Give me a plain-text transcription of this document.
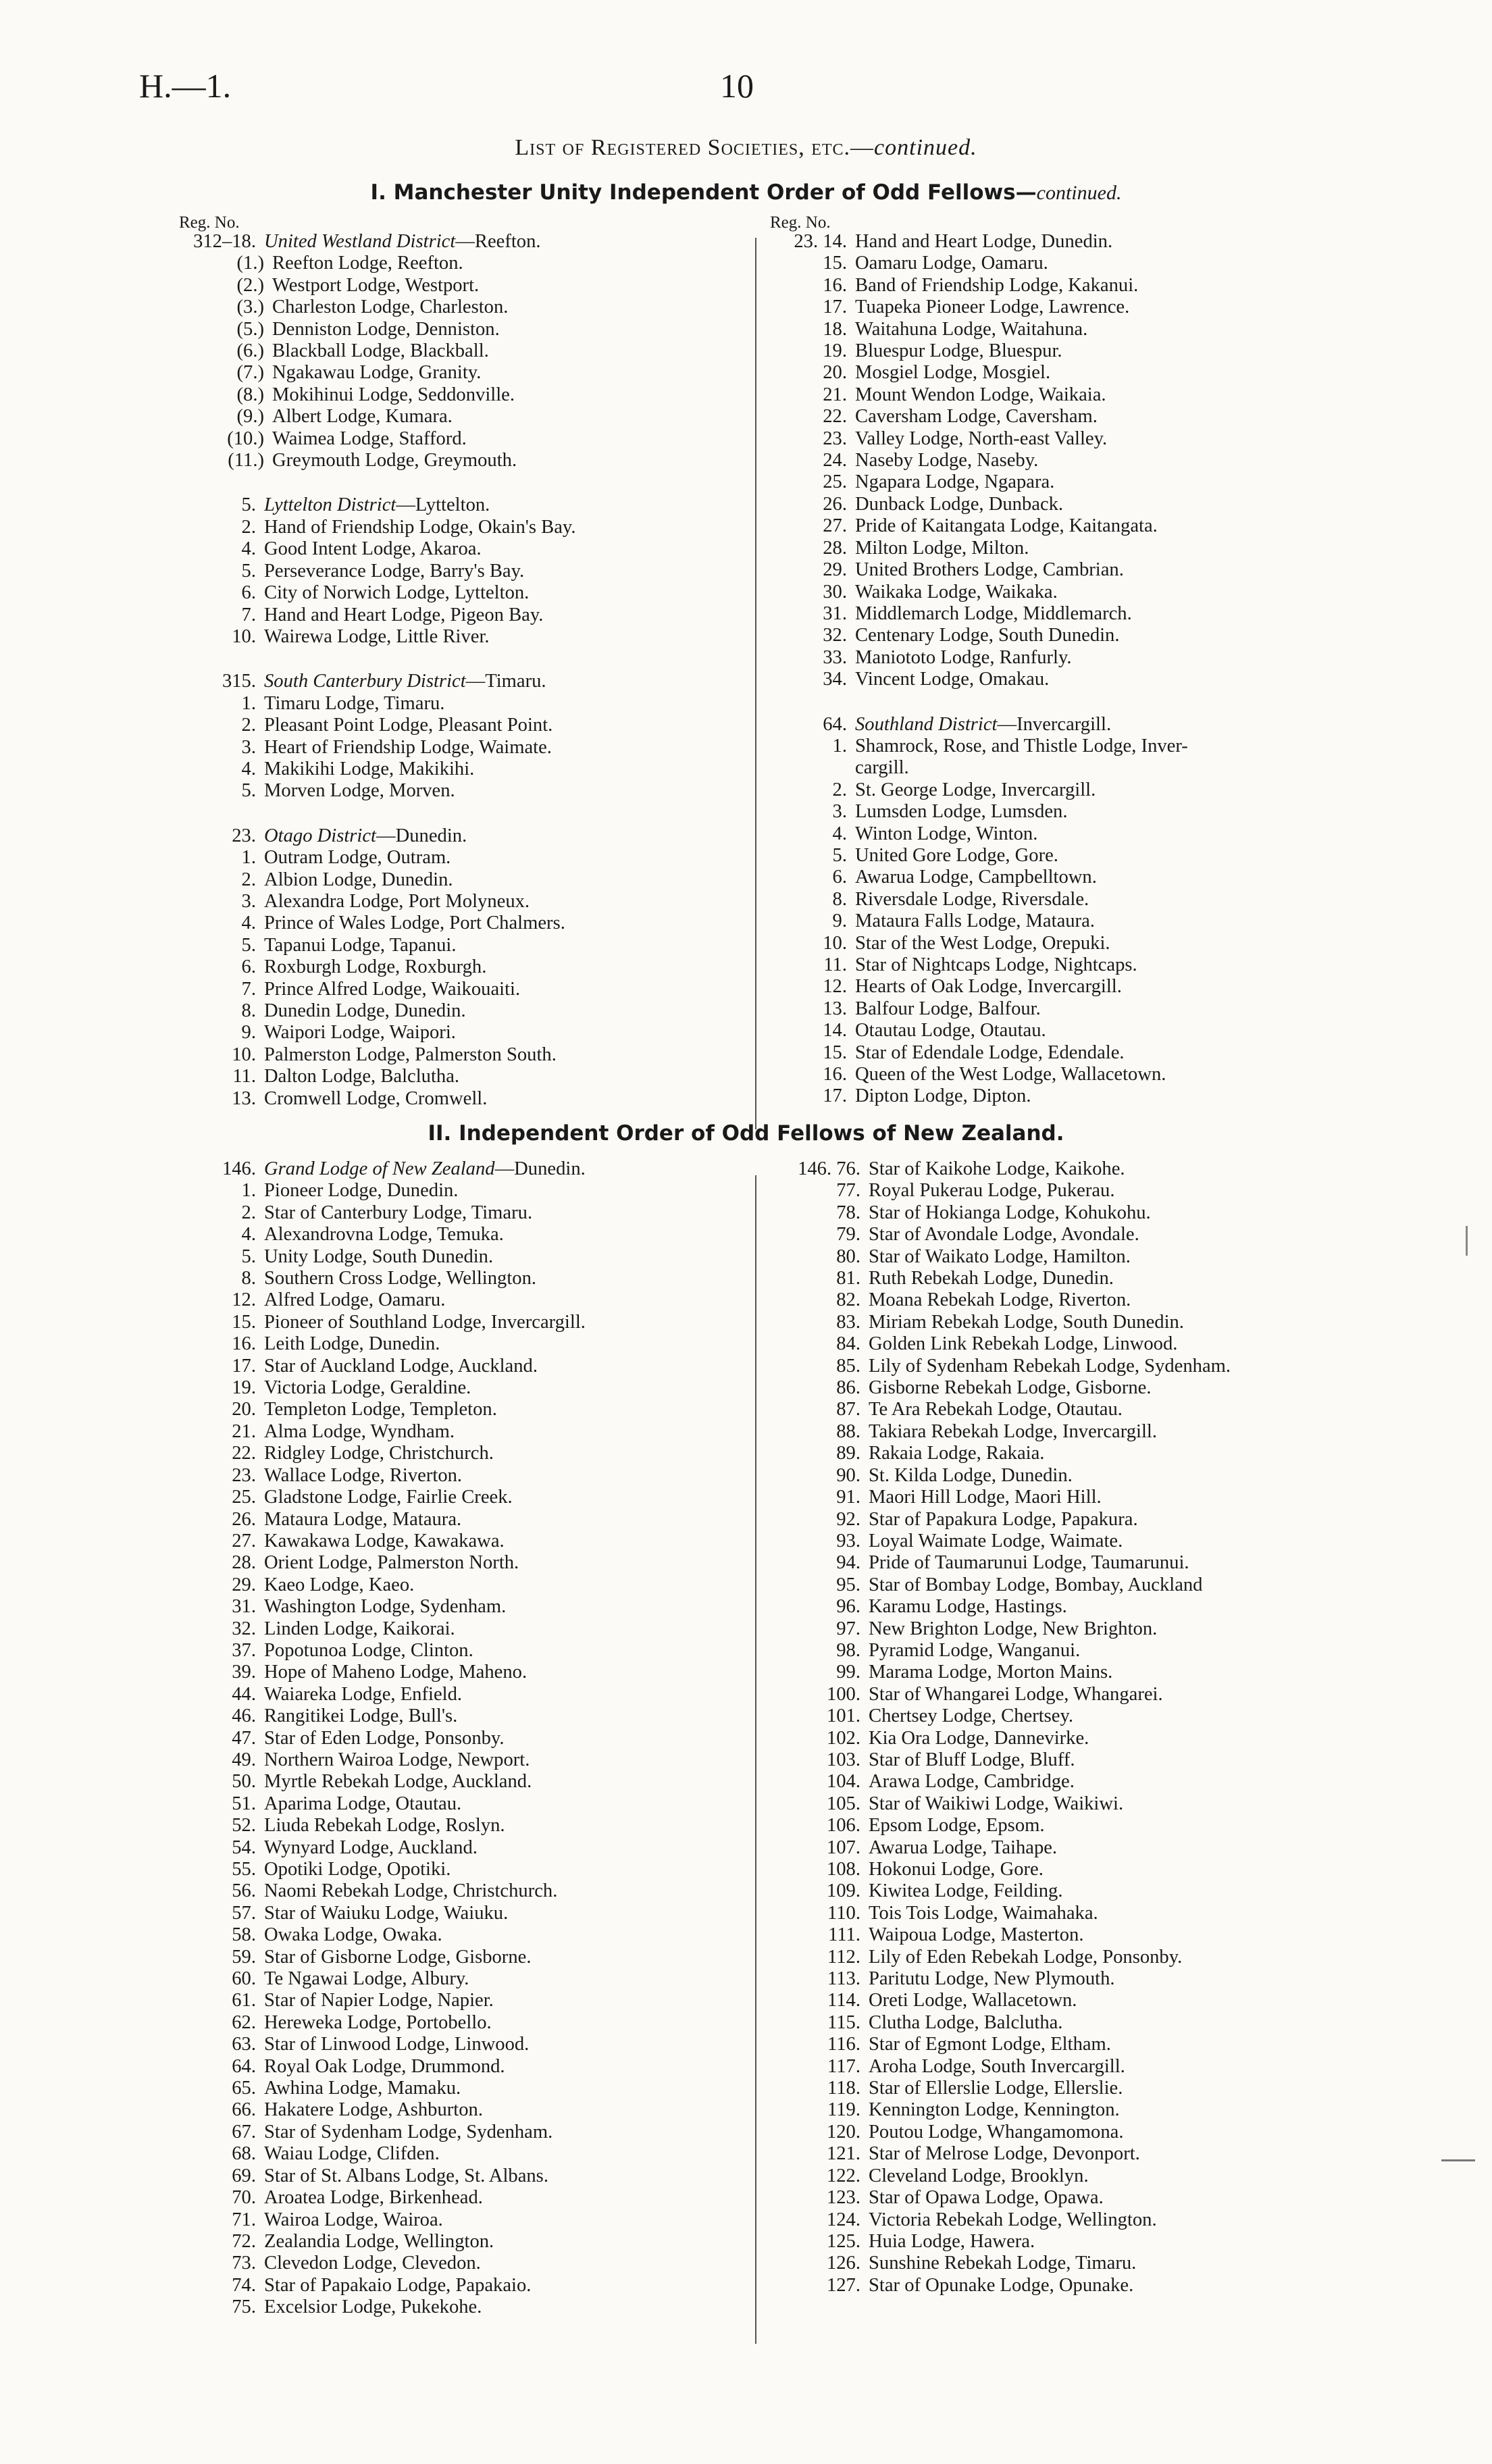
H.—1.	10
List of Registered Societies, etc.—continued.
I. Manchester Unity Independent Order of Odd Fellows—continued.
Reg. No.
312–18. United Westland District—Reefton.
(1.) Reefton Lodge, Reefton.
(2.) Westport Lodge, Westport.
(3.) Charleston Lodge, Charleston.
(5.) Denniston Lodge, Denniston.
(6.) Blackball Lodge, Blackball.
(7.) Ngakawau Lodge, Granity.
(8.) Mokihinui Lodge, Seddonville.
(9.) Albert Lodge, Kumara.
(10.) Waimea Lodge, Stafford.
(11.) Greymouth Lodge, Greymouth.
5. Lyttelton District—Lyttelton.
2. Hand of Friendship Lodge, Okain's Bay.
4. Good Intent Lodge, Akaroa.
5. Perseverance Lodge, Barry's Bay.
6. City of Norwich Lodge, Lyttelton.
7. Hand and Heart Lodge, Pigeon Bay.
10. Wairewa Lodge, Little River.
315. South Canterbury District—Timaru.
1. Timaru Lodge, Timaru.
2. Pleasant Point Lodge, Pleasant Point.
3. Heart of Friendship Lodge, Waimate.
4. Makikihi Lodge, Makikihi.
5. Morven Lodge, Morven.
23. Otago District—Dunedin.
1. Outram Lodge, Outram.
2. Albion Lodge, Dunedin.
3. Alexandra Lodge, Port Molyneux.
4. Prince of Wales Lodge, Port Chalmers.
5. Tapanui Lodge, Tapanui.
6. Roxburgh Lodge, Roxburgh.
7. Prince Alfred Lodge, Waikouaiti.
8. Dunedin Lodge, Dunedin.
9. Waipori Lodge, Waipori.
10. Palmerston Lodge, Palmerston South.
11. Dalton Lodge, Balclutha.
13. Cromwell Lodge, Cromwell.
Reg. No.
23. 14. Hand and Heart Lodge, Dunedin.
15. Oamaru Lodge, Oamaru.
16. Band of Friendship Lodge, Kakanui.
17. Tuapeka Pioneer Lodge, Lawrence.
18. Waitahuna Lodge, Waitahuna.
19. Bluespur Lodge, Bluespur.
20. Mosgiel Lodge, Mosgiel.
21. Mount Wendon Lodge, Waikaia.
22. Caversham Lodge, Caversham.
23. Valley Lodge, North-east Valley.
24. Naseby Lodge, Naseby.
25. Ngapara Lodge, Ngapara.
26. Dunback Lodge, Dunback.
27. Pride of Kaitangata Lodge, Kaitangata.
28. Milton Lodge, Milton.
29. United Brothers Lodge, Cambrian.
30. Waikaka Lodge, Waikaka.
31. Middlemarch Lodge, Middlemarch.
32. Centenary Lodge, South Dunedin.
33. Maniototo Lodge, Ranfurly.
34. Vincent Lodge, Omakau.
64. Southland District—Invercargill.
1. Shamrock, Rose, and Thistle Lodge, Inver-
cargill.
2. St. George Lodge, Invercargill.
3. Lumsden Lodge, Lumsden.
4. Winton Lodge, Winton.
5. United Gore Lodge, Gore.
6. Awarua Lodge, Campbelltown.
8. Riversdale Lodge, Riversdale.
9. Mataura Falls Lodge, Mataura.
10. Star of the West Lodge, Orepuki.
11. Star of Nightcaps Lodge, Nightcaps.
12. Hearts of Oak Lodge, Invercargill.
13. Balfour Lodge, Balfour.
14. Otautau Lodge, Otautau.
15. Star of Edendale Lodge, Edendale.
16. Queen of the West Lodge, Wallacetown.
17. Dipton Lodge, Dipton.
II. Independent Order of Odd Fellows of New Zealand.
146. Grand Lodge of New Zealand—Dunedin.
1. Pioneer Lodge, Dunedin.
2. Star of Canterbury Lodge, Timaru.
4. Alexandrovna Lodge, Temuka.
5. Unity Lodge, South Dunedin.
8. Southern Cross Lodge, Wellington.
12. Alfred Lodge, Oamaru.
15. Pioneer of Southland Lodge, Invercargill.
16. Leith Lodge, Dunedin.
17. Star of Auckland Lodge, Auckland.
19. Victoria Lodge, Geraldine.
20. Templeton Lodge, Templeton.
21. Alma Lodge, Wyndham.
22. Ridgley Lodge, Christchurch.
23. Wallace Lodge, Riverton.
25. Gladstone Lodge, Fairlie Creek.
26. Mataura Lodge, Mataura.
27. Kawakawa Lodge, Kawakawa.
28. Orient Lodge, Palmerston North.
29. Kaeo Lodge, Kaeo.
31. Washington Lodge, Sydenham.
32. Linden Lodge, Kaikorai.
37. Popotunoa Lodge, Clinton.
39. Hope of Maheno Lodge, Maheno.
44. Waiareka Lodge, Enfield.
46. Rangitikei Lodge, Bull's.
47. Star of Eden Lodge, Ponsonby.
49. Northern Wairoa Lodge, Newport.
50. Myrtle Rebekah Lodge, Auckland.
51. Aparima Lodge, Otautau.
52. Liuda Rebekah Lodge, Roslyn.
54. Wynyard Lodge, Auckland.
55. Opotiki Lodge, Opotiki.
56. Naomi Rebekah Lodge, Christchurch.
57. Star of Waiuku Lodge, Waiuku.
58. Owaka Lodge, Owaka.
59. Star of Gisborne Lodge, Gisborne.
60. Te Ngawai Lodge, Albury.
61. Star of Napier Lodge, Napier.
62. Hereweka Lodge, Portobello.
63. Star of Linwood Lodge, Linwood.
64. Royal Oak Lodge, Drummond.
65. Awhina Lodge, Mamaku.
66. Hakatere Lodge, Ashburton.
67. Star of Sydenham Lodge, Sydenham.
68. Waiau Lodge, Clifden.
69. Star of St. Albans Lodge, St. Albans.
70. Aroatea Lodge, Birkenhead.
71. Wairoa Lodge, Wairoa.
72. Zealandia Lodge, Wellington.
73. Clevedon Lodge, Clevedon.
74. Star of Papakaio Lodge, Papakaio.
75. Excelsior Lodge, Pukekohe.
146. 76. Star of Kaikohe Lodge, Kaikohe.
77. Royal Pukerau Lodge, Pukerau.
78. Star of Hokianga Lodge, Kohukohu.
79. Star of Avondale Lodge, Avondale.
80. Star of Waikato Lodge, Hamilton.
81. Ruth Rebekah Lodge, Dunedin.
82. Moana Rebekah Lodge, Riverton.
83. Miriam Rebekah Lodge, South Dunedin.
84. Golden Link Rebekah Lodge, Linwood.
85. Lily of Sydenham Rebekah Lodge, Sydenham.
86. Gisborne Rebekah Lodge, Gisborne.
87. Te Ara Rebekah Lodge, Otautau.
88. Takiara Rebekah Lodge, Invercargill.
89. Rakaia Lodge, Rakaia.
90. St. Kilda Lodge, Dunedin.
91. Maori Hill Lodge, Maori Hill.
92. Star of Papakura Lodge, Papakura.
93. Loyal Waimate Lodge, Waimate.
94. Pride of Taumarunui Lodge, Taumarunui.
95. Star of Bombay Lodge, Bombay, Auckland
96. Karamu Lodge, Hastings.
97. New Brighton Lodge, New Brighton.
98. Pyramid Lodge, Wanganui.
99. Marama Lodge, Morton Mains.
100. Star of Whangarei Lodge, Whangarei.
101. Chertsey Lodge, Chertsey.
102. Kia Ora Lodge, Dannevirke.
103. Star of Bluff Lodge, Bluff.
104. Arawa Lodge, Cambridge.
105. Star of Waikiwi Lodge, Waikiwi.
106. Epsom Lodge, Epsom.
107. Awarua Lodge, Taihape.
108. Hokonui Lodge, Gore.
109. Kiwitea Lodge, Feilding.
110. Tois Tois Lodge, Waimahaka.
111. Waipoua Lodge, Masterton.
112. Lily of Eden Rebekah Lodge, Ponsonby.
113. Paritutu Lodge, New Plymouth.
114. Oreti Lodge, Wallacetown.
115. Clutha Lodge, Balclutha.
116. Star of Egmont Lodge, Eltham.
117. Aroha Lodge, South Invercargill.
118. Star of Ellerslie Lodge, Ellerslie.
119. Kennington Lodge, Kennington.
120. Poutou Lodge, Whangamomona.
121. Star of Melrose Lodge, Devonport.
122. Cleveland Lodge, Brooklyn.
123. Star of Opawa Lodge, Opawa.
124. Victoria Rebekah Lodge, Wellington.
125. Huia Lodge, Hawera.
126. Sunshine Rebekah Lodge, Timaru.
127. Star of Opunake Lodge, Opunake.
